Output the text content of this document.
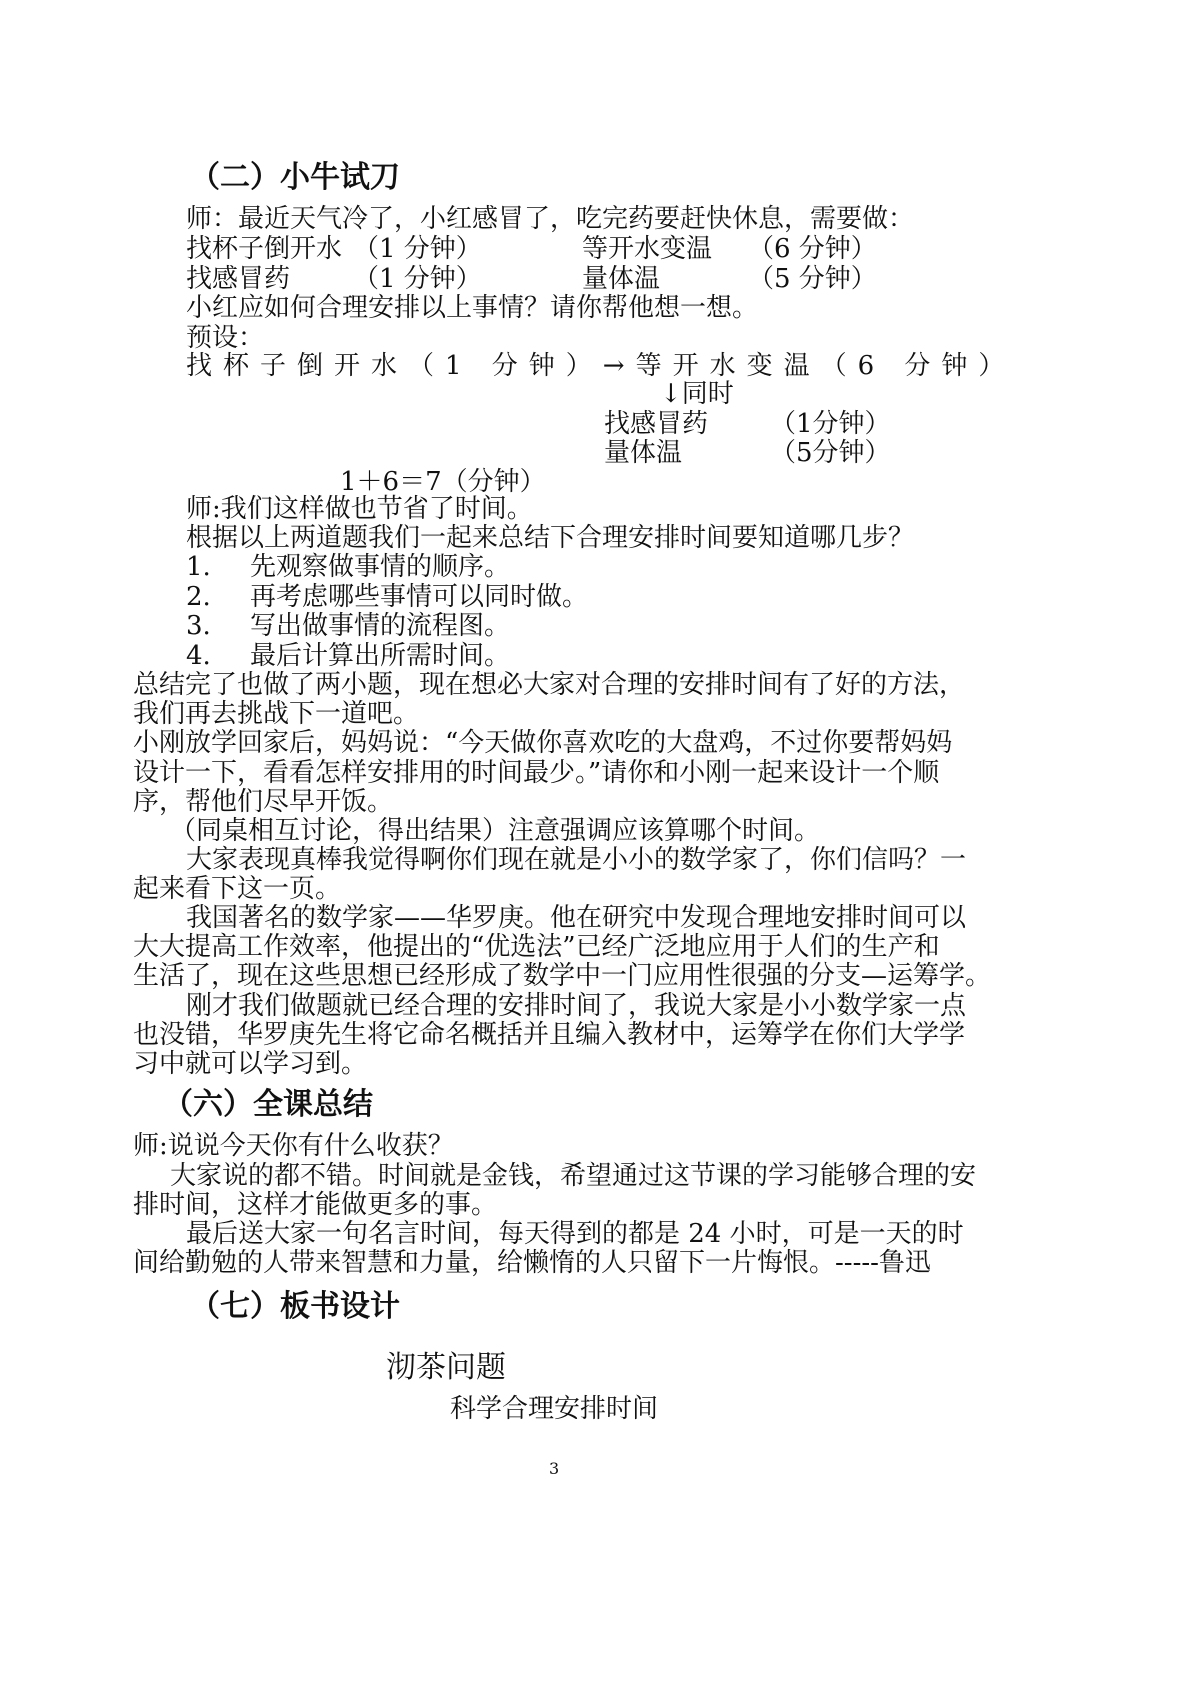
（二）小牛试刀
师：最近天气冷了，小红感冒了，吃完药要赶快休息，需要做：
找杯子倒开水 （1 分钟）	等开水变温 （6 分钟）
找感冒药 （1 分钟）	量体温	（5 分钟）
小红应如何合理安排以上事情？请你帮他想一想。
预设：
找杯子倒开水（1 分钟）→等开水变温（6 分钟）
↓同时
找感冒药 （1分钟）
量体温	（5分钟）
1＋6＝7（分钟）
师:我们这样做也节省了时间。
根据以上两道题我们一起来总结下合理安排时间要知道哪几步？
1. 先观察做事情的顺序。
2. 再考虑哪些事情可以同时做。
3. 写出做事情的流程图。
4. 最后计算出所需时间。
总结完了也做了两小题，现在想必大家对合理的安排时间有了好的方法，
我们再去挑战下一道吧。
小刚放学回家后，妈妈说：“今天做你喜欢吃的大盘鸡，不过你要帮妈妈
设计一下，看看怎样安排用的时间最少。”请你和小刚一起来设计一个顺
序，帮他们尽早开饭。
（同桌相互讨论，得出结果）注意强调应该算哪个时间。
大家表现真棒我觉得啊你们现在就是小小的数学家了，你们信吗？一
起来看下这一页。
我国著名的数学家——华罗庚。他在研究中发现合理地安排时间可以
大大提高工作效率，他提出的“优选法”已经广泛地应用于人们的生产和
生活了，现在这些思想已经形成了数学中一门应用性很强的分支—运筹学。
刚才我们做题就已经合理的安排时间了，我说大家是小小数学家一点
也没错，华罗庚先生将它命名概括并且编入教材中，运筹学在你们大学学
习中就可以学习到。
（六）全课总结
师:说说今天你有什么收获？
大家说的都不错。时间就是金钱，希望通过这节课的学习能够合理的安
排时间，这样才能做更多的事。
最后送大家一句名言时间，每天得到的都是 24 小时，可是一天的时
间给勤勉的人带来智慧和力量，给懒惰的人只留下一片悔恨。-----鲁迅
（七）板书设计
沏茶问题
科学合理安排时间
3
